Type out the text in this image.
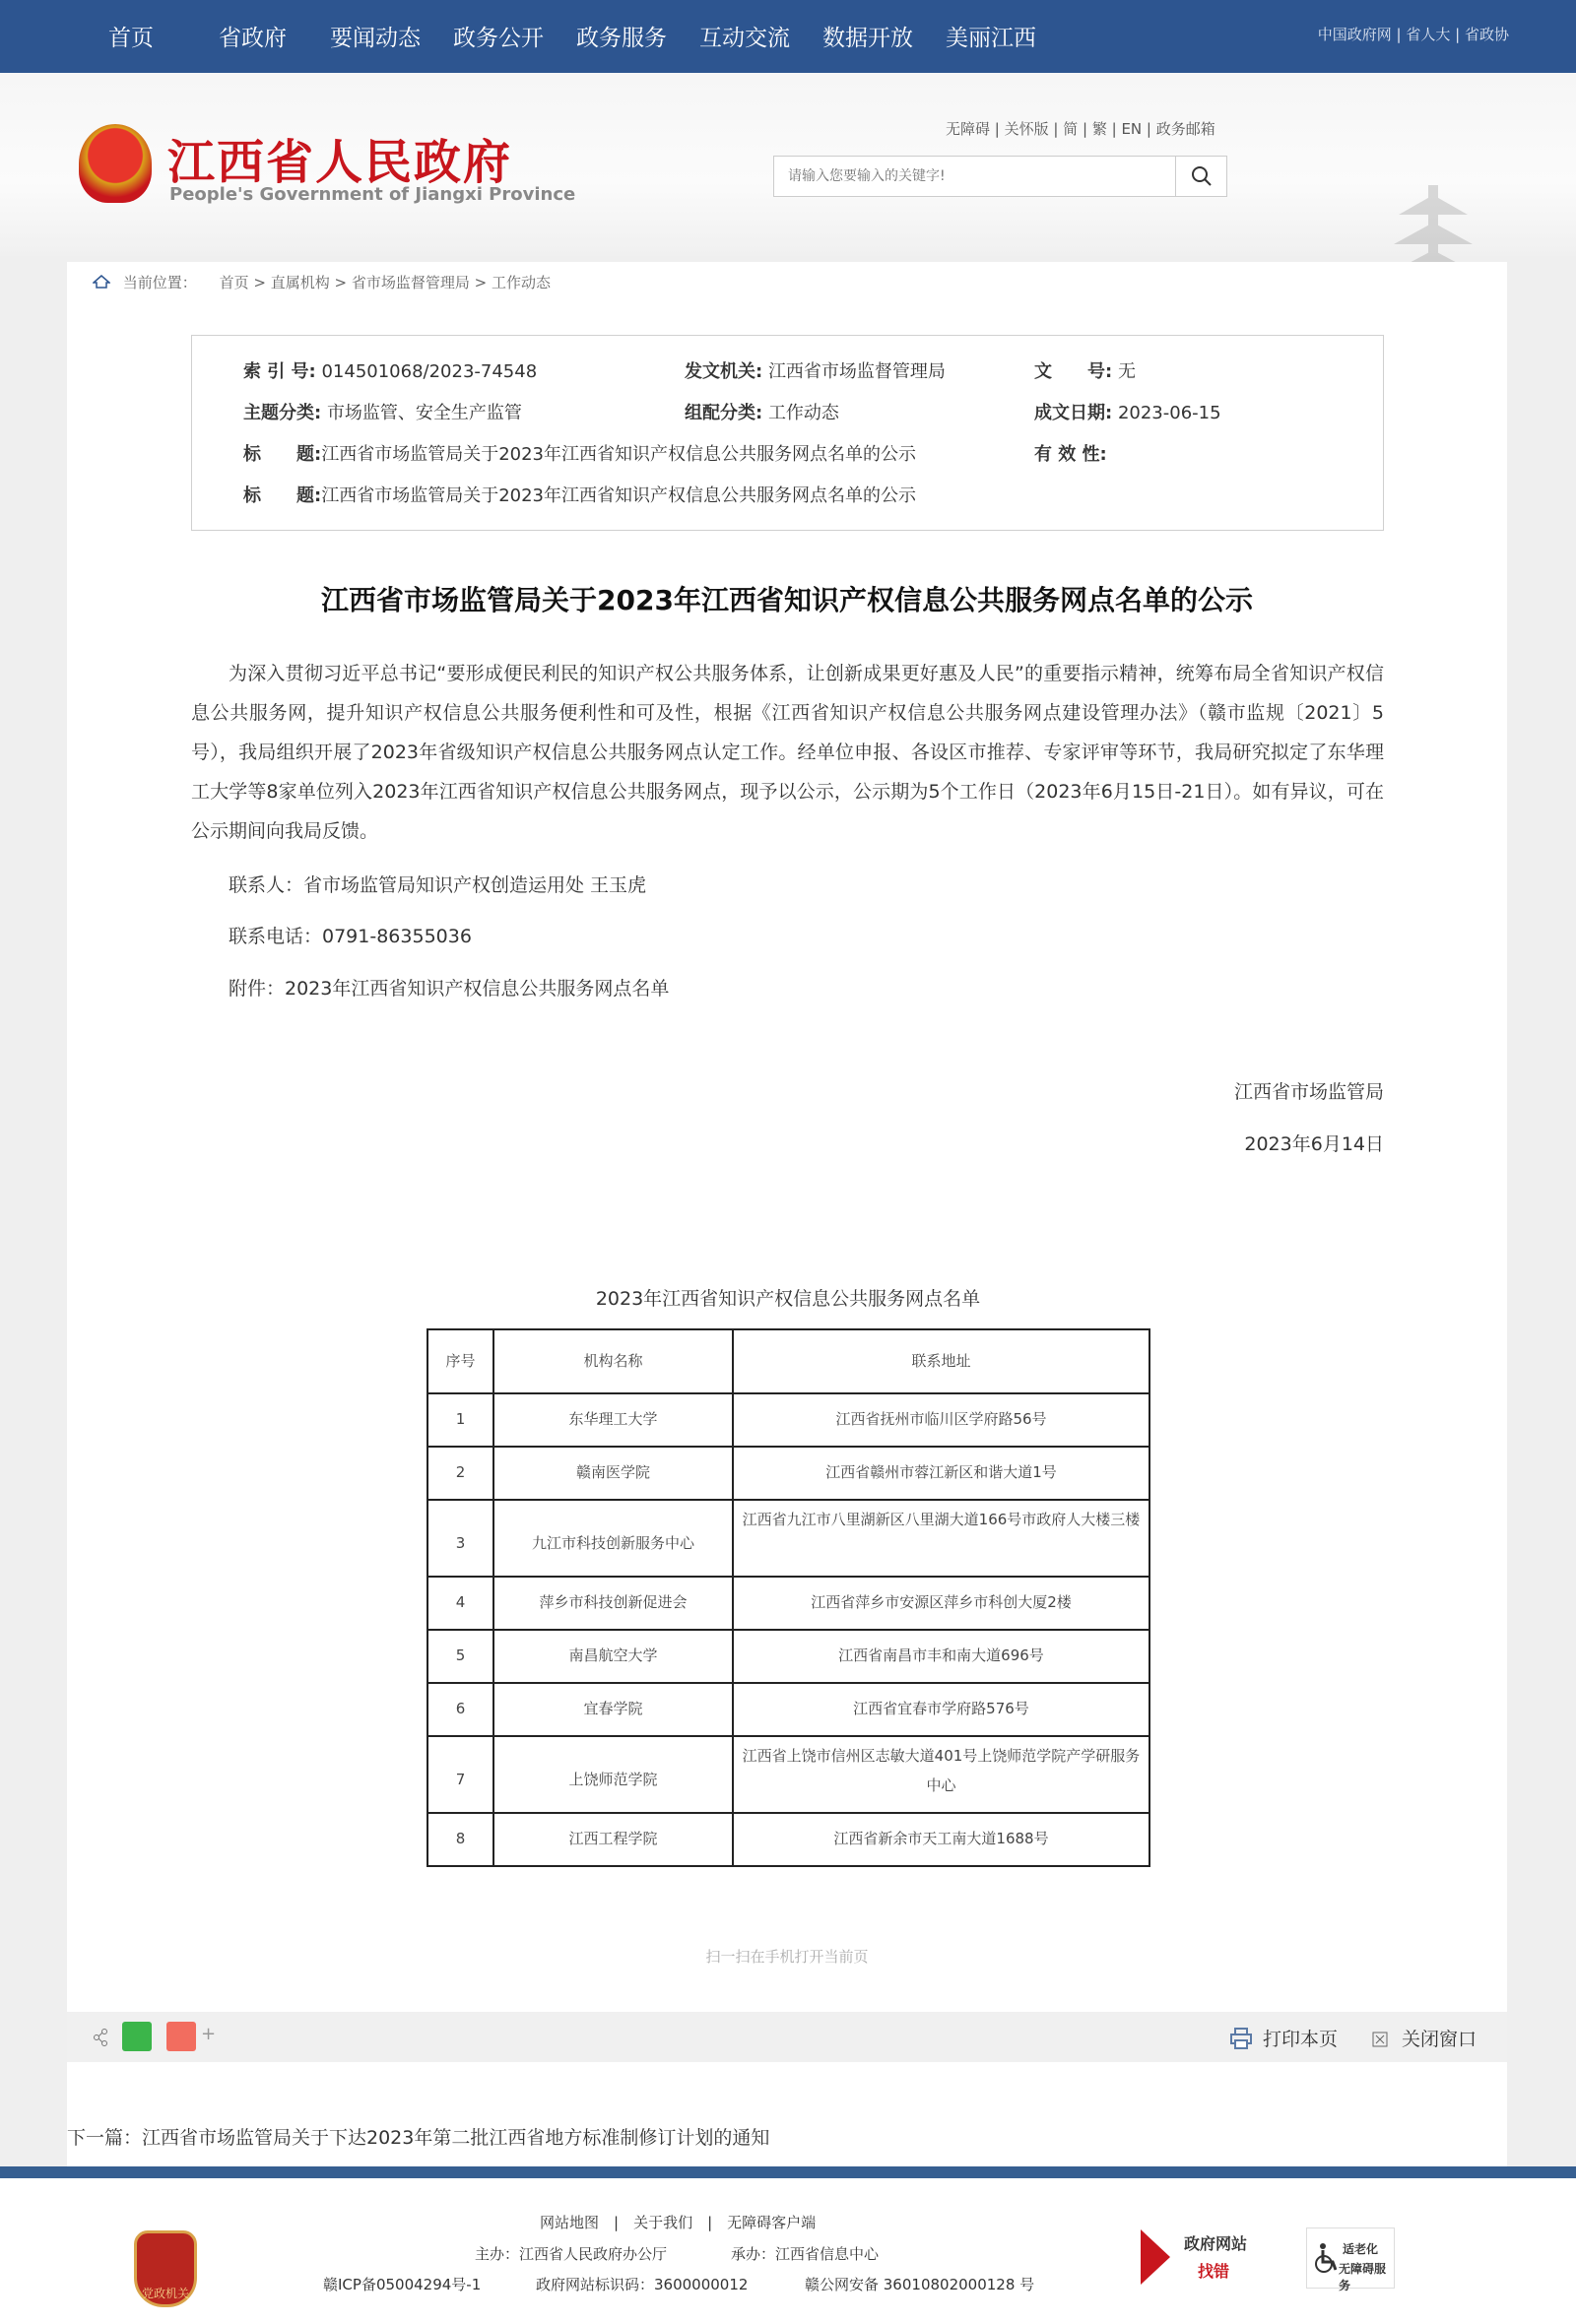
首页	省政府 要闻动态 政务公开 政务服务 互动交流 数据开放 美丽江西	中国政府网 | 省人大 | 省政协
江西省人民政府
People's Government of Jiangxi Province
无障碍 | 关怀版 | 简 | 繁 | EN | 政务邮箱
请输入您要输入的关键字!
当前位置： 首页 > 直属机构 > 省市场监督管理局 > 工作动态
索 引 号: 014501068/2023-74548	发文机关: 江西省市场监督管理局	文　　号: 无
主题分类: 市场监管、安全生产监管	组配分类: 工作动态	成文日期: 2023-06-15
标　　题:江西省市场监管局关于2023年江西省知识产权信息公共服务网点名单的公示	有 效 性:
标　　题:江西省市场监管局关于2023年江西省知识产权信息公共服务网点名单的公示
江西省市场监管局关于2023年江西省知识产权信息公共服务网点名单的公示

为深入贯彻习近平总书记“要形成便民利民的知识产权公共服务体系，让创新成果更好惠及人民”的重要指示精神，统筹布局全省知识产权信息公共服务网，提升知识产权信息公共服务便利性和可及性，根据《江西省知识产权信息公共服务网点建设管理办法》（赣市监规〔2021〕5号），我局组织开展了2023年省级知识产权信息公共服务网点认定工作。经单位申报、各设区市推荐、专家评审等环节，我局研究拟定了东华理工大学等8家单位列入2023年江西省知识产权信息公共服务网点，现予以公示，公示期为5个工作日（2023年6月15日-21日）。如有异议，可在公示期间向我局反馈。

联系人：省市场监管局知识产权创造运用处 王玉虎
联系电话：0791-86355036
附件：2023年江西省知识产权信息公共服务网点名单
江西省市场监管局
2023年6月14日
2023年江西省知识产权信息公共服务网点名单
序号	机构名称	联系地址
1	东华理工大学	江西省抚州市临川区学府路56号
2	赣南医学院	江西省赣州市蓉江新区和谐大道1号
3	九江市科技创新服务中心	江西省九江市八里湖新区八里湖大道166号市政府人大楼三楼
4	萍乡市科技创新促进会	江西省萍乡市安源区萍乡市科创大厦2楼
5	南昌航空大学	江西省南昌市丰和南大道696号
6	宜春学院	江西省宜春市学府路576号
7	上饶师范学院	江西省上饶市信州区志敏大道401号上饶师范学院产学研服务中心
8	江西工程学院	江西省新余市天工南大道1688号
扫一扫在手机打开当前页
+	打印本页	关闭窗口
下一篇：江西省市场监管局关于下达2023年第二批江西省地方标准制修订计划的通知
党政机关
网站地图　|　关于我们　|　无障碍客户端
主办：江西省人民政府办公厅	承办：江西省信息中心
赣ICP备05004294号-1	政府网站标识码：3600000012	赣公网安备 36010802000128 号
政府网站
找错
适老化
无障碍服务
